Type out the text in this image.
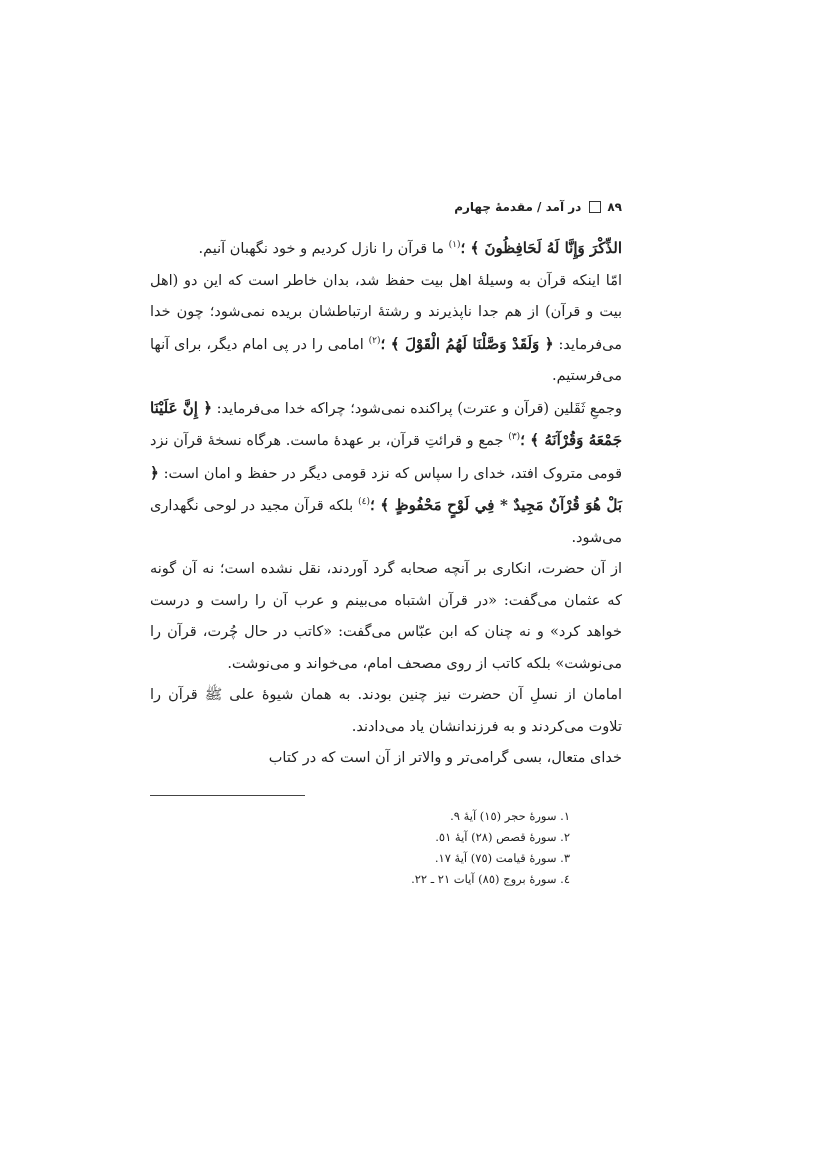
٨٩
در آمد / مقدمهٔ چهارم

الذِّكْرَ وَإِنَّا لَهُ لَحَافِظُونَ ﴾ ؛$^{(١)}$ ما قرآن را نازل کردیم و خود نگهبان آنیم.

امّا اینکه قرآن به وسیلهٔ اهل بیت حفظ شد، بدان خاطر است که این دو (اهل بیت و قرآن) از هم جدا ناپذیرند و رشتهٔ ارتباطشان بریده نمی‌شود؛ چون خدا می‌فرماید: ﴿ وَلَقَدْ وَصَّلْنَا لَهُمُ الْقَوْلَ ﴾ ؛$^{(٢)}$ امامی را در پی امام دیگر، برای آنها می‌فرستیم.

وجمعِ ثَقَلین (قرآن و عترت) پراکنده نمی‌شود؛ چراکه خدا می‌فرماید: ﴿ إِنَّ عَلَيْنَا جَمْعَهُ وَقُرْآنَهُ ﴾ ؛$^{(٣)}$ جمع و قرائتِ قرآن، بر عهدهٔ ماست. هرگاه نسخهٔ قرآن نزد قومی متروک افتد، خدای را سپاس که نزد قومی دیگر در حفظ و امان است: ﴿ بَلْ هُوَ قُرْآنٌ مَجِيدٌ * فِي لَوْحٍ مَحْفُوظٍ ﴾ ؛$^{(٤)}$ بلکه قرآن مجید در لوحی نگهداری می‌شود.

از آن حضرت، انکاری بر آنچه صحابه گرد آوردند، نقل نشده است؛ نه آن گونه که عثمان می‌گفت: «در قرآن اشتباه می‌بینم و عرب آن را راست و درست خواهد کرد» و نه چنان که ابن عبّاس می‌گفت: «کاتب در حال چُرت، قرآن را می‌نوشت» بلکه کاتب از روی مصحف امام، می‌خواند و می‌نوشت.

امامان از نسلِ آن حضرت نیز چنین بودند. به همان شیوهٔ علی ﷺ قرآن را تلاوت می‌کردند و به فرزندانشان یاد می‌دادند.

خدای متعال، بسی گرامی‌تر و والاتر از آن است که در کتاب

١. سورهٔ حجر (١٥) آیهٔ ٩.
٢. سورهٔ قصص (٢٨) آیهٔ ٥١.
٣. سورهٔ قیامت (٧٥) آیهٔ ١٧.
٤. سورهٔ بروج (٨٥) آیات ٢١ ـ ٢٢.
